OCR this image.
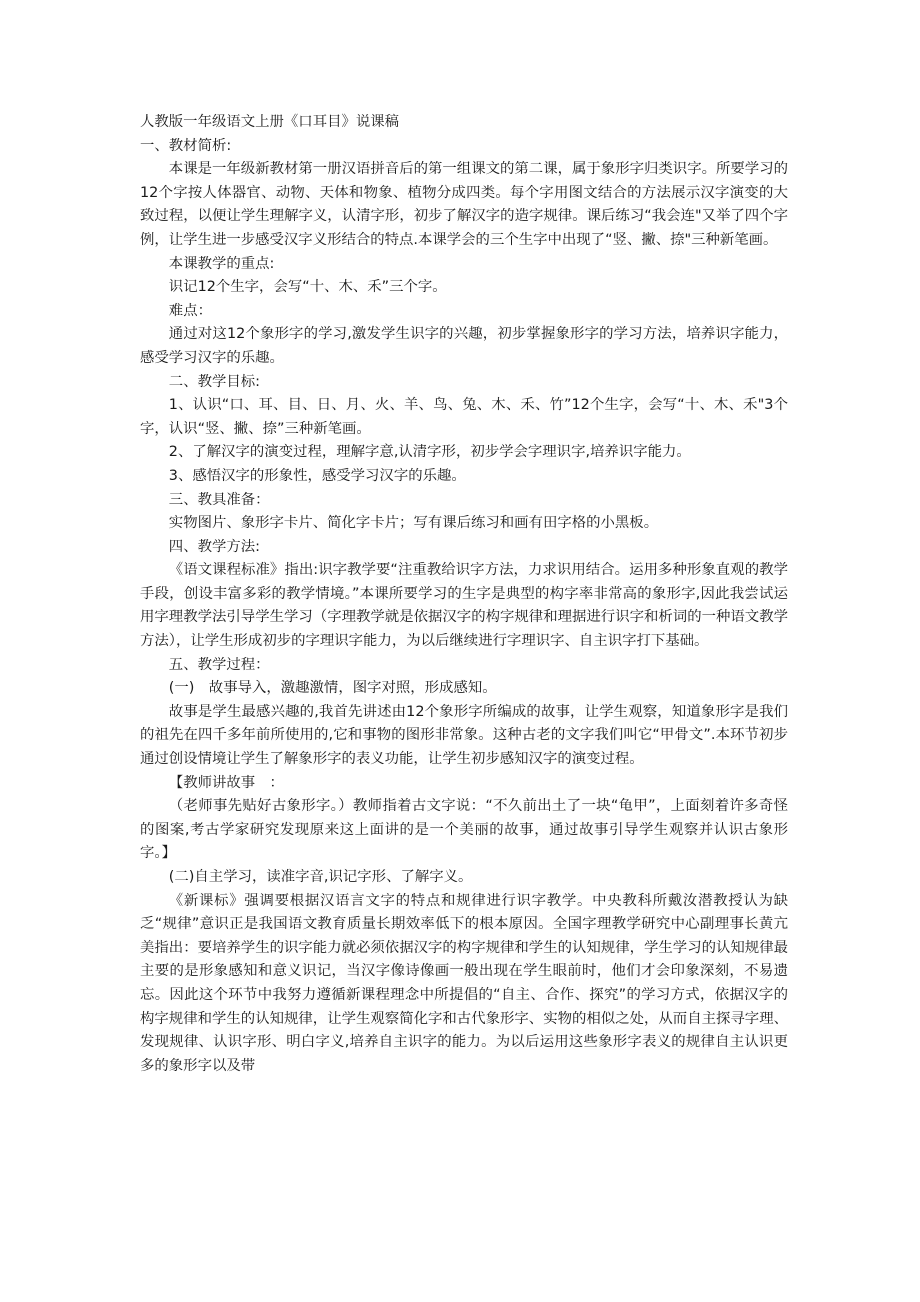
人教版一年级语文上册《口耳目》说课稿

一、教材简析:

本课是一年级新教材第一册汉语拼音后的第一组课文的第二课，属于象形字归类识字。所要学习的12个字按人体器官、动物、天体和物象、植物分成四类。每个字用图文结合的方法展示汉字演变的大致过程，以便让学生理解字义，认清字形，初步了解汉字的造字规律。课后练习“我会连"又举了四个字例，让学生进一步感受汉字义形结合的特点.本课学会的三个生字中出现了“竖、撇、捺"三种新笔画。

本课教学的重点:

识记12个生字，会写“十、木、禾”三个字。

难点：

通过对这12个象形字的学习,激发学生识字的兴趣，初步掌握象形字的学习方法，培养识字能力，感受学习汉字的乐趣。

二、教学目标:

1、认识“口、耳、目、日、月、火、羊、鸟、兔、木、禾、竹”12个生字，会写“十、木、禾"3个字，认识“竖、撇、捺”三种新笔画。

2、了解汉字的演变过程，理解字意,认清字形，初步学会字理识字,培养识字能力。

3、感悟汉字的形象性，感受学习汉字的乐趣。

三、教具准备：

实物图片、象形字卡片、简化字卡片；写有课后练习和画有田字格的小黑板。

四、教学方法:

《语文课程标准》指出:识字教学要“注重教给识字方法，力求识用结合。运用多种形象直观的教学手段，创设丰富多彩的教学情境。”本课所要学习的生字是典型的构字率非常高的象形字,因此我尝试运用字理教学法引导学生学习（字理教学就是依据汉字的构字规律和理据进行识字和析词的一种语文教学方法），让学生形成初步的字理识字能力，为以后继续进行字理识字、自主识字打下基础。

五、教学过程：

(一)　故事导入，激趣激情，图字对照，形成感知。

故事是学生最感兴趣的,我首先讲述由12个象形字所编成的故事，让学生观察，知道象形字是我们的祖先在四千多年前所使用的,它和事物的图形非常象。这种古老的文字我们叫它“甲骨文”.本环节初步通过创设情境让学生了解象形字的表义功能，让学生初步感知汉字的演变过程。

【教师讲故事　：

（老师事先贴好古象形字。）教师指着古文字说：“不久前出土了一块“龟甲”，上面刻着许多奇怪的图案,考古学家研究发现原来这上面讲的是一个美丽的故事，通过故事引导学生观察并认识古象形字。】

(二)自主学习，读准字音,识记字形、了解字义。

《新课标》强调要根据汉语言文字的特点和规律进行识字教学。中央教科所戴汝潜教授认为缺乏“规律”意识正是我国语文教育质量长期效率低下的根本原因。全国字理教学研究中心副理事长黄亢美指出：要培养学生的识字能力就必须依据汉字的构字规律和学生的认知规律，学生学习的认知规律最主要的是形象感知和意义识记，当汉字像诗像画一般出现在学生眼前时，他们才会印象深刻，不易遗忘。因此这个环节中我努力遵循新课程理念中所提倡的“自主、合作、探究”的学习方式，依据汉字的构字规律和学生的认知规律，让学生观察简化字和古代象形字、实物的相似之处，从而自主探寻字理、发现规律、认识字形、明白字义,培养自主识字的能力。为以后运用这些象形字表义的规律自主认识更多的象形字以及带
